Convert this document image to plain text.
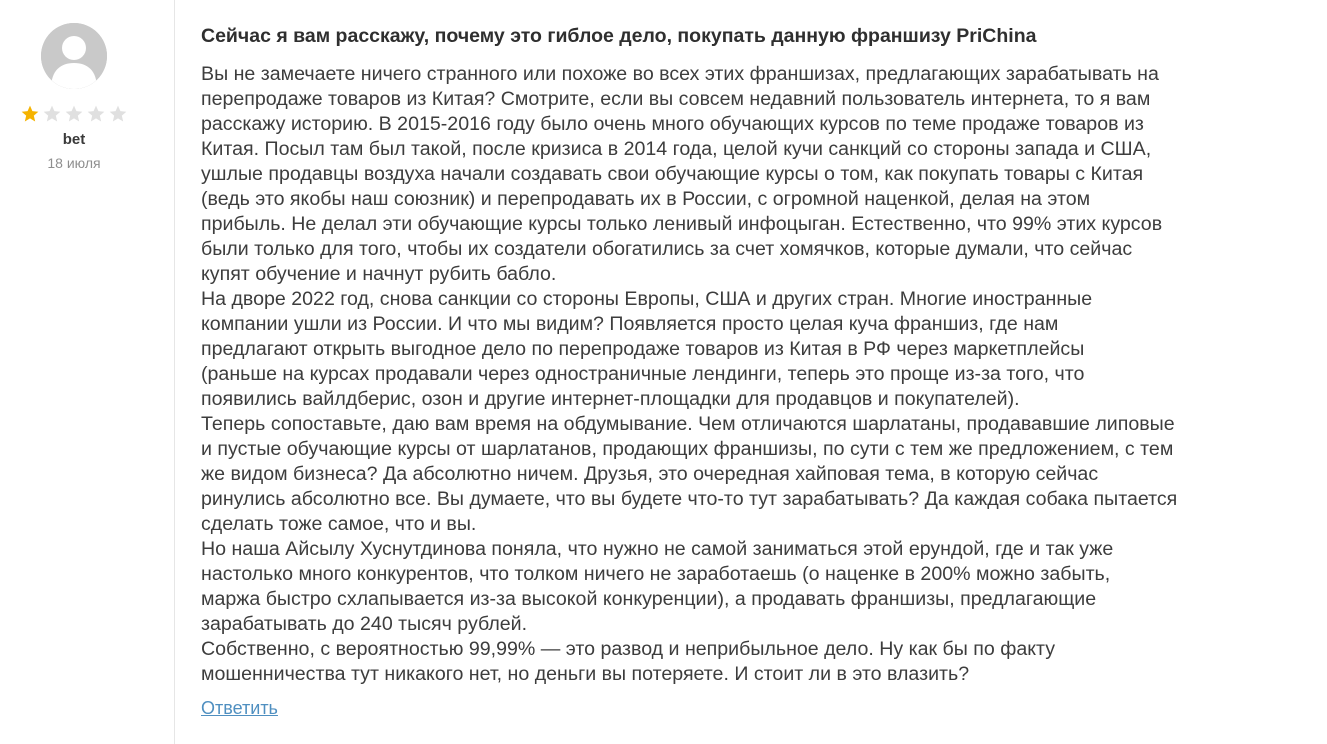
bet
18 июля
Сейчас я вам расскажу, почему это гиблое дело, покупать данную франшизу PriChina
Вы не замечаете ничего странного или похоже во всех этих франшизах, предлагающих зарабатывать на
перепродаже товаров из Китая? Смотрите, если вы совсем недавний пользователь интернета, то я вам
расскажу историю. В 2015-2016 году было очень много обучающих курсов по теме продаже товаров из
Китая. Посыл там был такой, после кризиса в 2014 года, целой кучи санкций со стороны запада и США,
ушлые продавцы воздуха начали создавать свои обучающие курсы о том, как покупать товары с Китая
(ведь это якобы наш союзник) и перепродавать их в России, с огромной наценкой, делая на этом
прибыль. Не делал эти обучающие курсы только ленивый инфоцыган. Естественно, что 99% этих курсов
были только для того, чтобы их создатели обогатились за счет хомячков, которые думали, что сейчас
купят обучение и начнут рубить бабло.
На дворе 2022 год, снова санкции со стороны Европы, США и других стран. Многие иностранные
компании ушли из России. И что мы видим? Появляется просто целая куча франшиз, где нам
предлагают открыть выгодное дело по перепродаже товаров из Китая в РФ через маркетплейсы
(раньше на курсах продавали через одностраничные лендинги, теперь это проще из-за того, что
появились вайлдберис, озон и другие интернет-площадки для продавцов и покупателей).
Теперь сопоставьте, даю вам время на обдумывание. Чем отличаются шарлатаны, продававшие липовые
и пустые обучающие курсы от шарлатанов, продающих франшизы, по сути с тем же предложением, с тем
же видом бизнеса? Да абсолютно ничем. Друзья, это очередная хайповая тема, в которую сейчас
ринулись абсолютно все. Вы думаете, что вы будете что-то тут зарабатывать? Да каждая собака пытается
сделать тоже самое, что и вы.
Но наша Айсылу Хуснутдинова поняла, что нужно не самой заниматься этой ерундой, где и так уже
настолько много конкурентов, что толком ничего не заработаешь (о наценке в 200% можно забыть,
маржа быстро схлапывается из-за высокой конкуренции), а продавать франшизы, предлагающие
зарабатывать до 240 тысяч рублей.
Собственно, с вероятностью 99,99% — это развод и неприбыльное дело. Ну как бы по факту
мошенничества тут никакого нет, но деньги вы потеряете. И стоит ли в это влазить?
Ответить
